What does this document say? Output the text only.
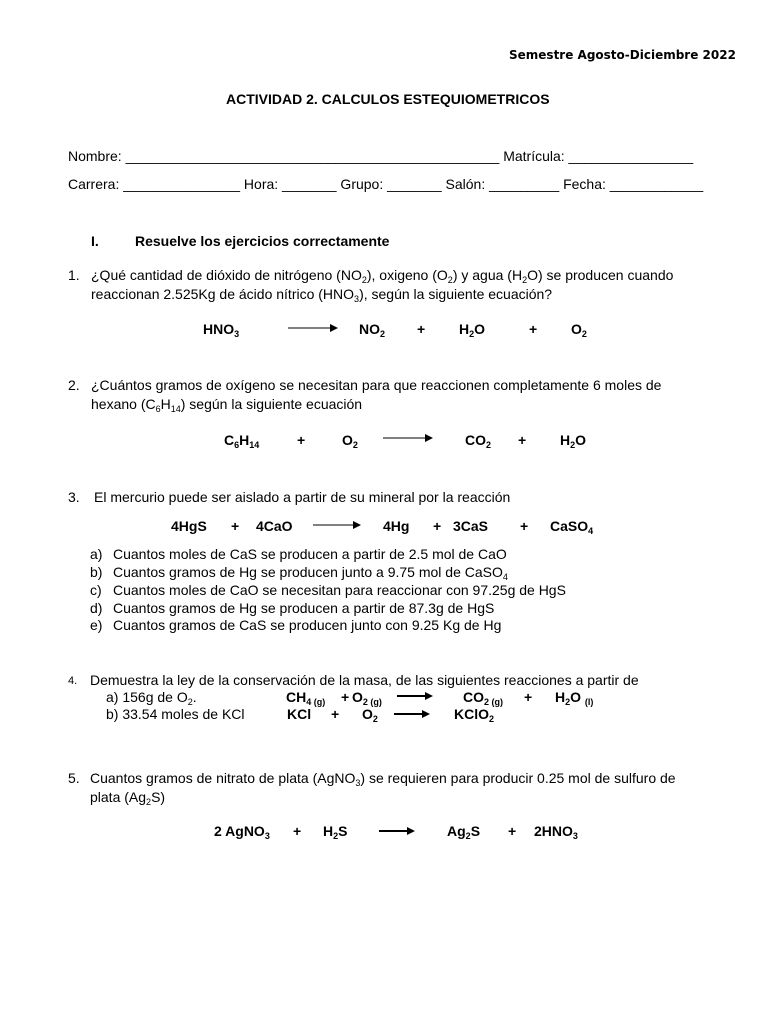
Semestre Agosto-Diciembre 2022
ACTIVIDAD 2. CALCULOS ESTEQUIOMETRICOS
Nombre: ________________________________________________ Matrícula: ________________
Carrera: _______________ Hora: _______ Grupo: _______ Salón: _________ Fecha: ____________
I.	Resuelve los ejercicios correctamente
1. ¿Qué cantidad de dióxido de nitrógeno $(NO_2)$, oxigeno $(O_2)$ y agua $(H_2O)$ se producen cuando
reaccionan 2.525Kg de ácido nítrico $(HNO_3)$, según la siguiente ecuación?
$HNO_3$	$NO_2 + H_2O$	+ $O_2$
2. ¿Cuántos gramos de oxígeno se necesitan para que reaccionen completamente 6 moles de
hexano $(C_6H_{14})$ según la siguiente ecuación
$C_6H_{14}$	+	$O_2$	$CO_2 + H_2O$
3. El mercurio puede ser aislado a partir de su mineral por la reacción
4HgS + 4CaO	4Hg + 3CaS + CaSO$_4$
a) Cuantos moles de CaS se producen a partir de 2.5 mol de CaO
b) Cuantos gramos de Hg se producen junto a 9.75 mol de CaSO$_4$
c) Cuantos moles de CaO se necesitan para reaccionar con 97.25g de HgS
d) Cuantos gramos de Hg se producen a partir de 87.3g de HgS
e) Cuantos gramos de CaS se producen junto con 9.25 Kg de Hg
4. Demuestra la ley de la conservación de la masa, de las siguientes reacciones a partir de
a) 156g de $O_2$.	$CH_{4 (g)} + O_{2 (g)}$	$CO_{2 (g)} + H_2O$ $_{(l)}$
b) 33.54 moles de KCl	KCl + $O_2$	KClO$_2$
5. Cuantos gramos de nitrato de plata (AgNO$_3$) se requieren para producir 0.25 mol de sulfuro de
plata $(Ag_2S)$
2 AgNO$_3$ + $H_2S$	$Ag_2S + 2HNO_3$
